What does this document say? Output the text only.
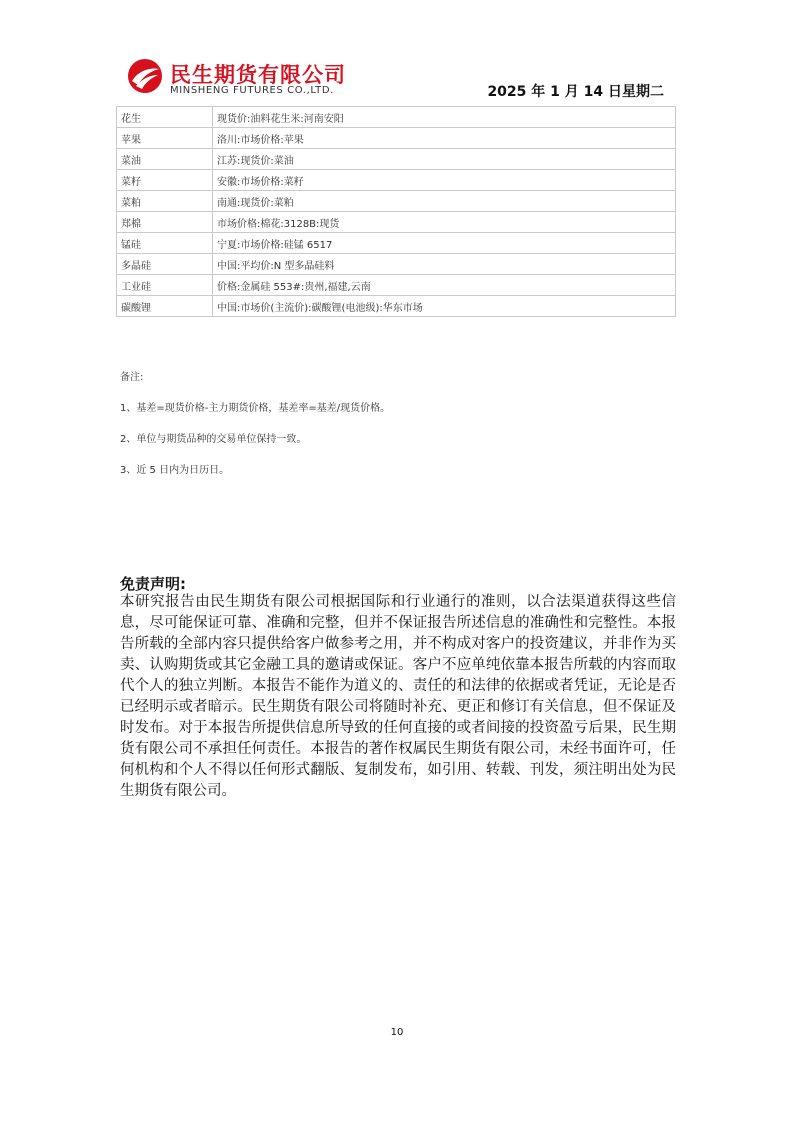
民生期货有限公司
MINSHENG FUTURES CO.,LTD.	2025 年 1 月 14 日星期二
花生	现货价:油料花生米:河南安阳
苹果	洛川:市场价格:苹果
菜油	江苏:现货价:菜油
菜籽	安徽:市场价格:菜籽
菜粕	南通:现货价:菜粕
郑棉	市场价格:棉花:3128B:现货
锰硅	宁夏:市场价格:硅锰 6517
多晶硅	中国:平均价:N 型多晶硅料
工业硅	价格:金属硅 553#:贵州,福建,云南
碳酸锂	中国:市场价(主流价):碳酸锂(电池级):华东市场

备注:

1、基差=现货价格-主力期货价格，基差率=基差/现货价格。

2、单位与期货品种的交易单位保持一致。

3、近 5 日内为日历日。

免责声明:
本研究报告由民生期货有限公司根据国际和行业通行的准则，以合法渠道获得这些信息，尽可能保证可靠、准确和完整，但并不保证报告所述信息的准确性和完整性。本报告所载的全部内容只提供给客户做参考之用，并不构成对客户的投资建议，并非作为买卖、认购期货或其它金融工具的邀请或保证。客户不应单纯依靠本报告所载的内容而取代个人的独立判断。本报告不能作为道义的、责任的和法律的依据或者凭证，无论是否已经明示或者暗示。民生期货有限公司将随时补充、更正和修订有关信息，但不保证及时发布。对于本报告所提供信息所导致的任何直接的或者间接的投资盈亏后果，民生期货有限公司不承担任何责任。本报告的著作权属民生期货有限公司，未经书面许可，任何机构和个人不得以任何形式翻版、复制发布，如引用、转载、刊发，须注明出处为民生期货有限公司。
10
